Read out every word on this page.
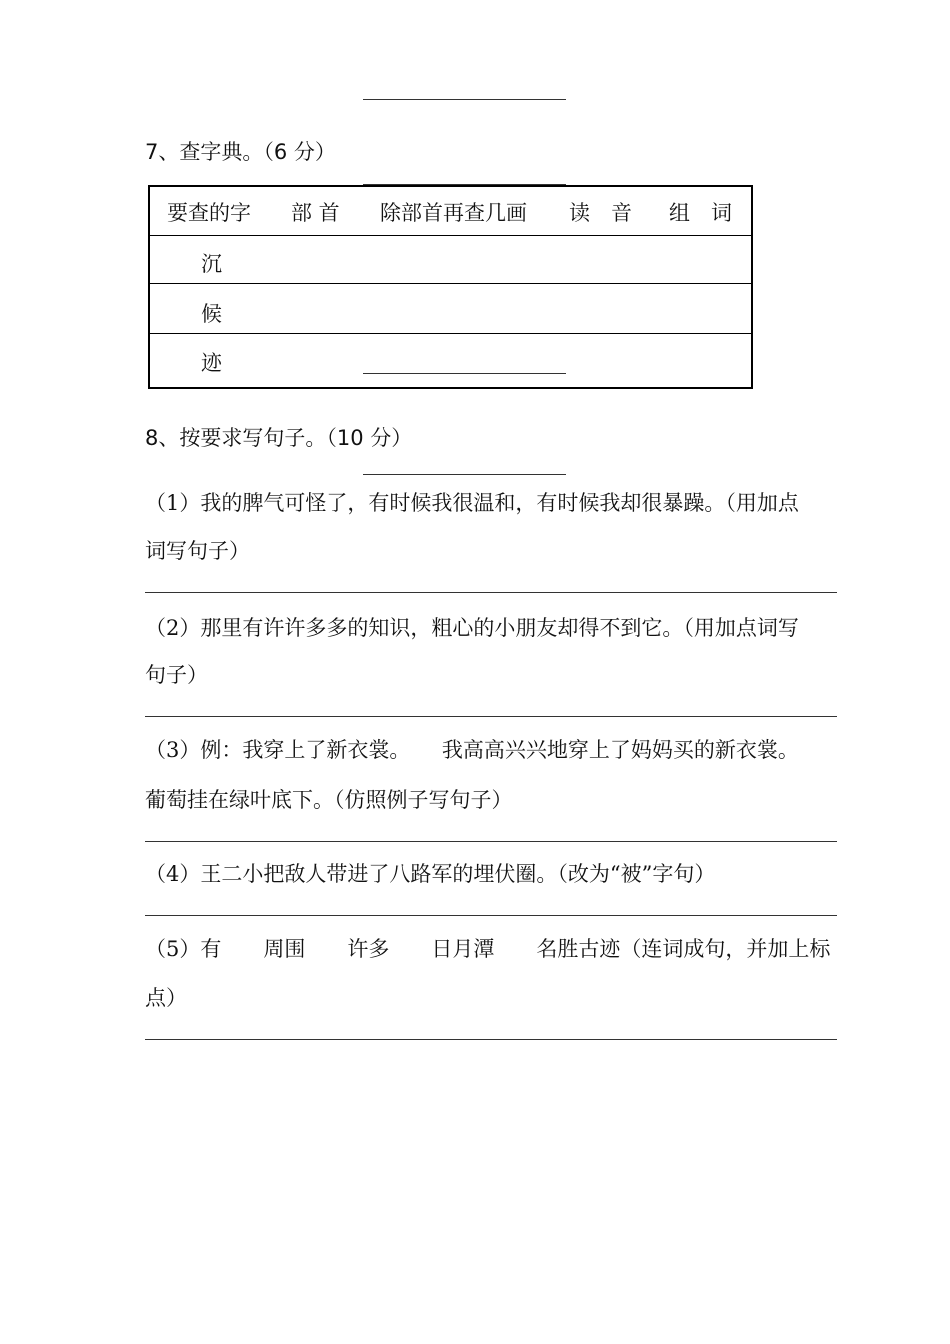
7、查字典。（6 分）
要查的字 部 首 除部首再查几画 读　音 组　词
沉
候
迹
8、按要求写句子。（10 分）
（1）我的脾气可怪了，有时候我很温和，有时候我却很暴躁。（用加点
词写句子）
（2）那里有许许多多的知识，粗心的小朋友却得不到它。（用加点词写
句子）
（3）例：我穿上了新衣裳。　　我高高兴兴地穿上了妈妈买的新衣裳。
葡萄挂在绿叶底下。（仿照例子写句子）
（4）王二小把敌人带进了八路军的埋伏圈。（改为“被”字句）
（5）有　　周围　　许多　　日月潭　　名胜古迹（连词成句，并加上标
点）
